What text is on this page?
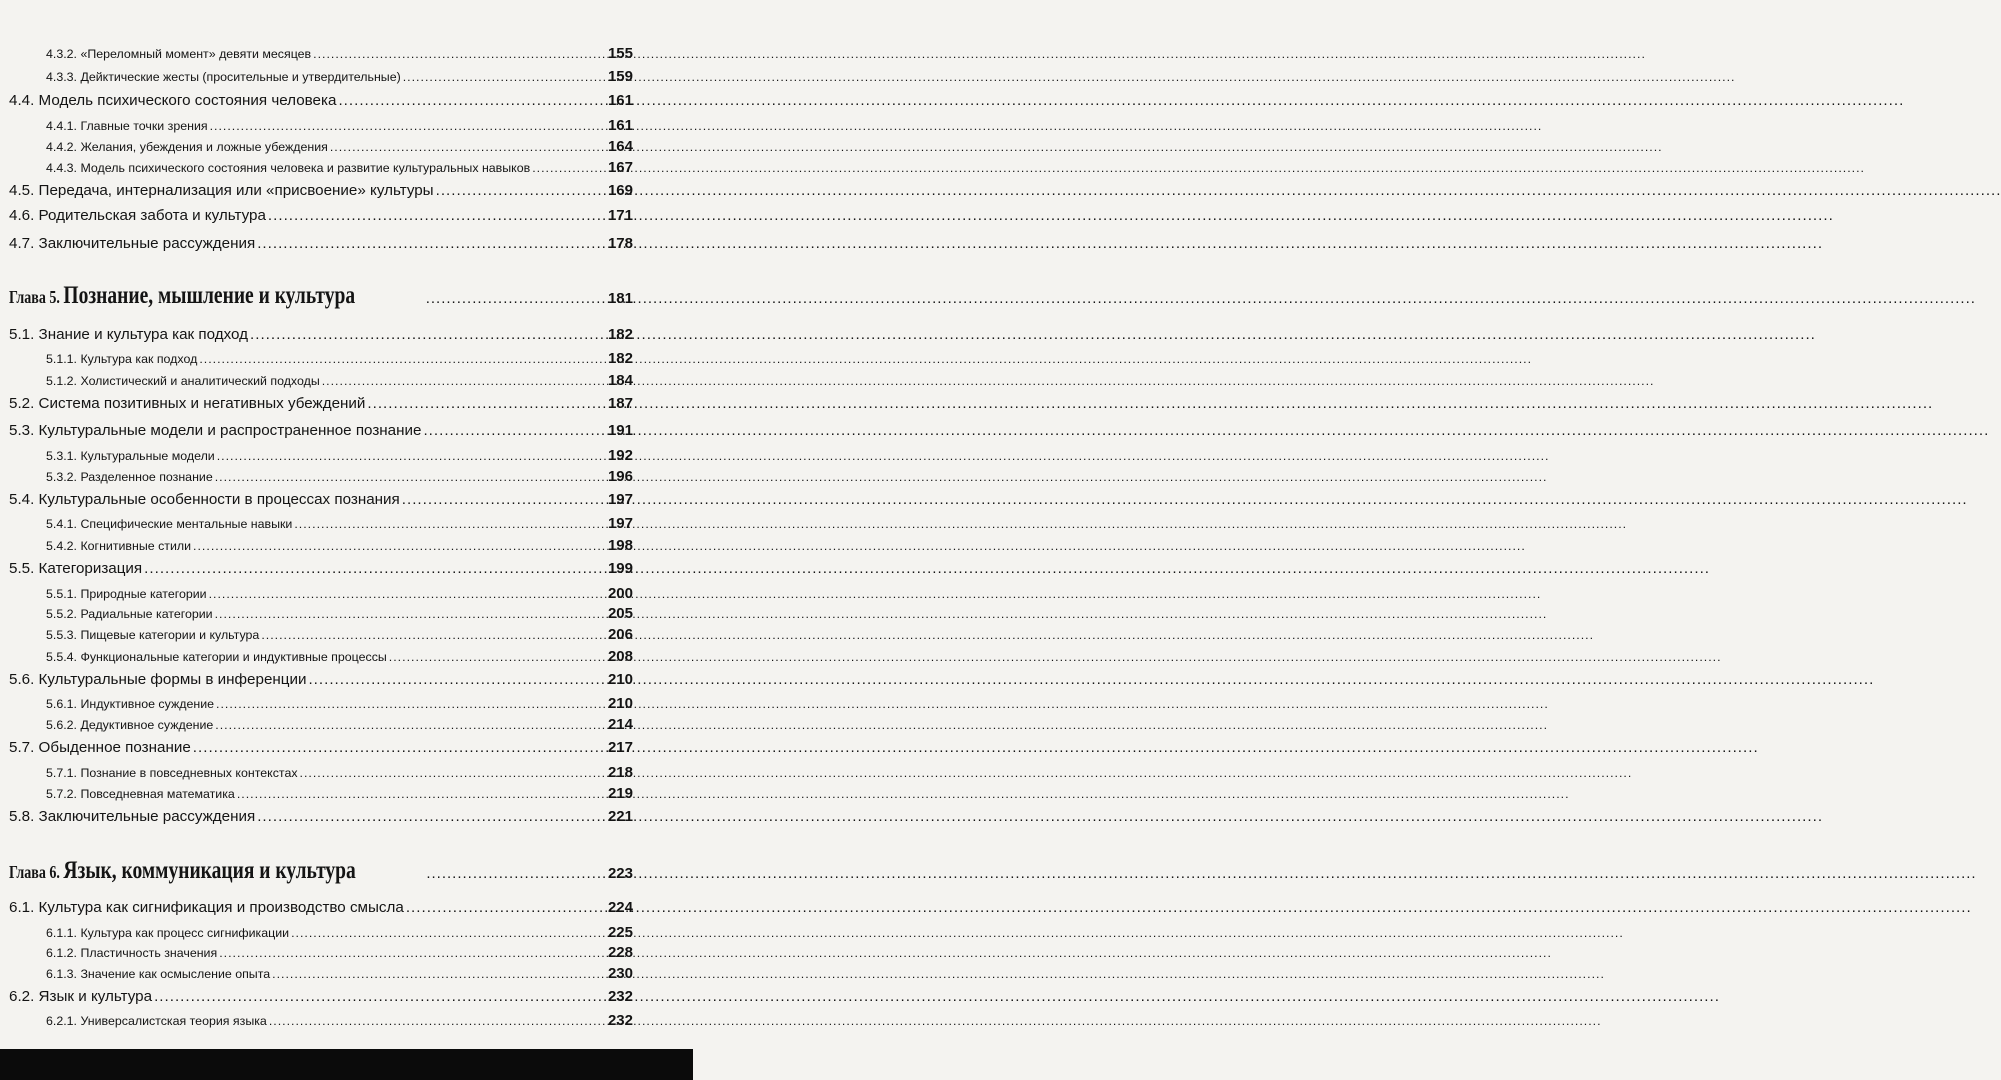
4.3.2. «Переломный момент» девяти месяцев .....	155
4.3.3. Дейктические жесты (просительные и утвердительные) .....	159
4.4. Модель психического состояния человека .....	161
4.4.1. Главные точки зрения .....	161
4.4.2. Желания, убеждения и ложные убеждения .....	164
4.4.3. Модель психического состояния человека и развитие культуральных навыков .....	167
4.5. Передача, интернализация или «присвоение» культуры .....	169
4.6. Родительская забота и культура .....	171
4.7. Заключительные рассуждения .....	178
Глава 5. Познание, мышление и культура .....	181
5.1. Знание и культура как подход .....	182
5.1.1. Культура как подход .....	182
5.1.2. Холистический и аналитический подходы .....	184
5.2. Система позитивных и негативных убеждений .....	187
5.3. Культуральные модели и распространенное познание .....	191
5.3.1. Культуральные модели .....	192
5.3.2. Разделенное познание .....	196
5.4. Культуральные особенности в процессах познания .....	197
5.4.1. Специфические ментальные навыки .....	197
5.4.2. Когнитивные стили .....	198
5.5. Категоризация .....	199
5.5.1. Природные категории .....	200
5.5.2. Радиальные категории .....	205
5.5.3. Пищевые категории и культура .....	206
5.5.4. Функциональные категории и индуктивные процессы .....	208
5.6. Культуральные формы в инференции .....	210
5.6.1. Индуктивное суждение .....	210
5.6.2. Дедуктивное суждение .....	214
5.7. Обыденное познание .....	217
5.7.1. Познание в повседневных контекстах .....	218
5.7.2. Повседневная математика .....	219
5.8. Заключительные рассуждения .....	221
Глава 6. Язык, коммуникация и культура .....	223
6.1. Культура как сигнификация и производство смысла .....	224
6.1.1. Культура как процесс сигнификации .....	225
6.1.2. Пластичность значения .....	228
6.1.3. Значение как осмысление опыта .....	230
6.2. Язык и культура .....	232
6.2.1. Универсалистская теория языка .....	232
